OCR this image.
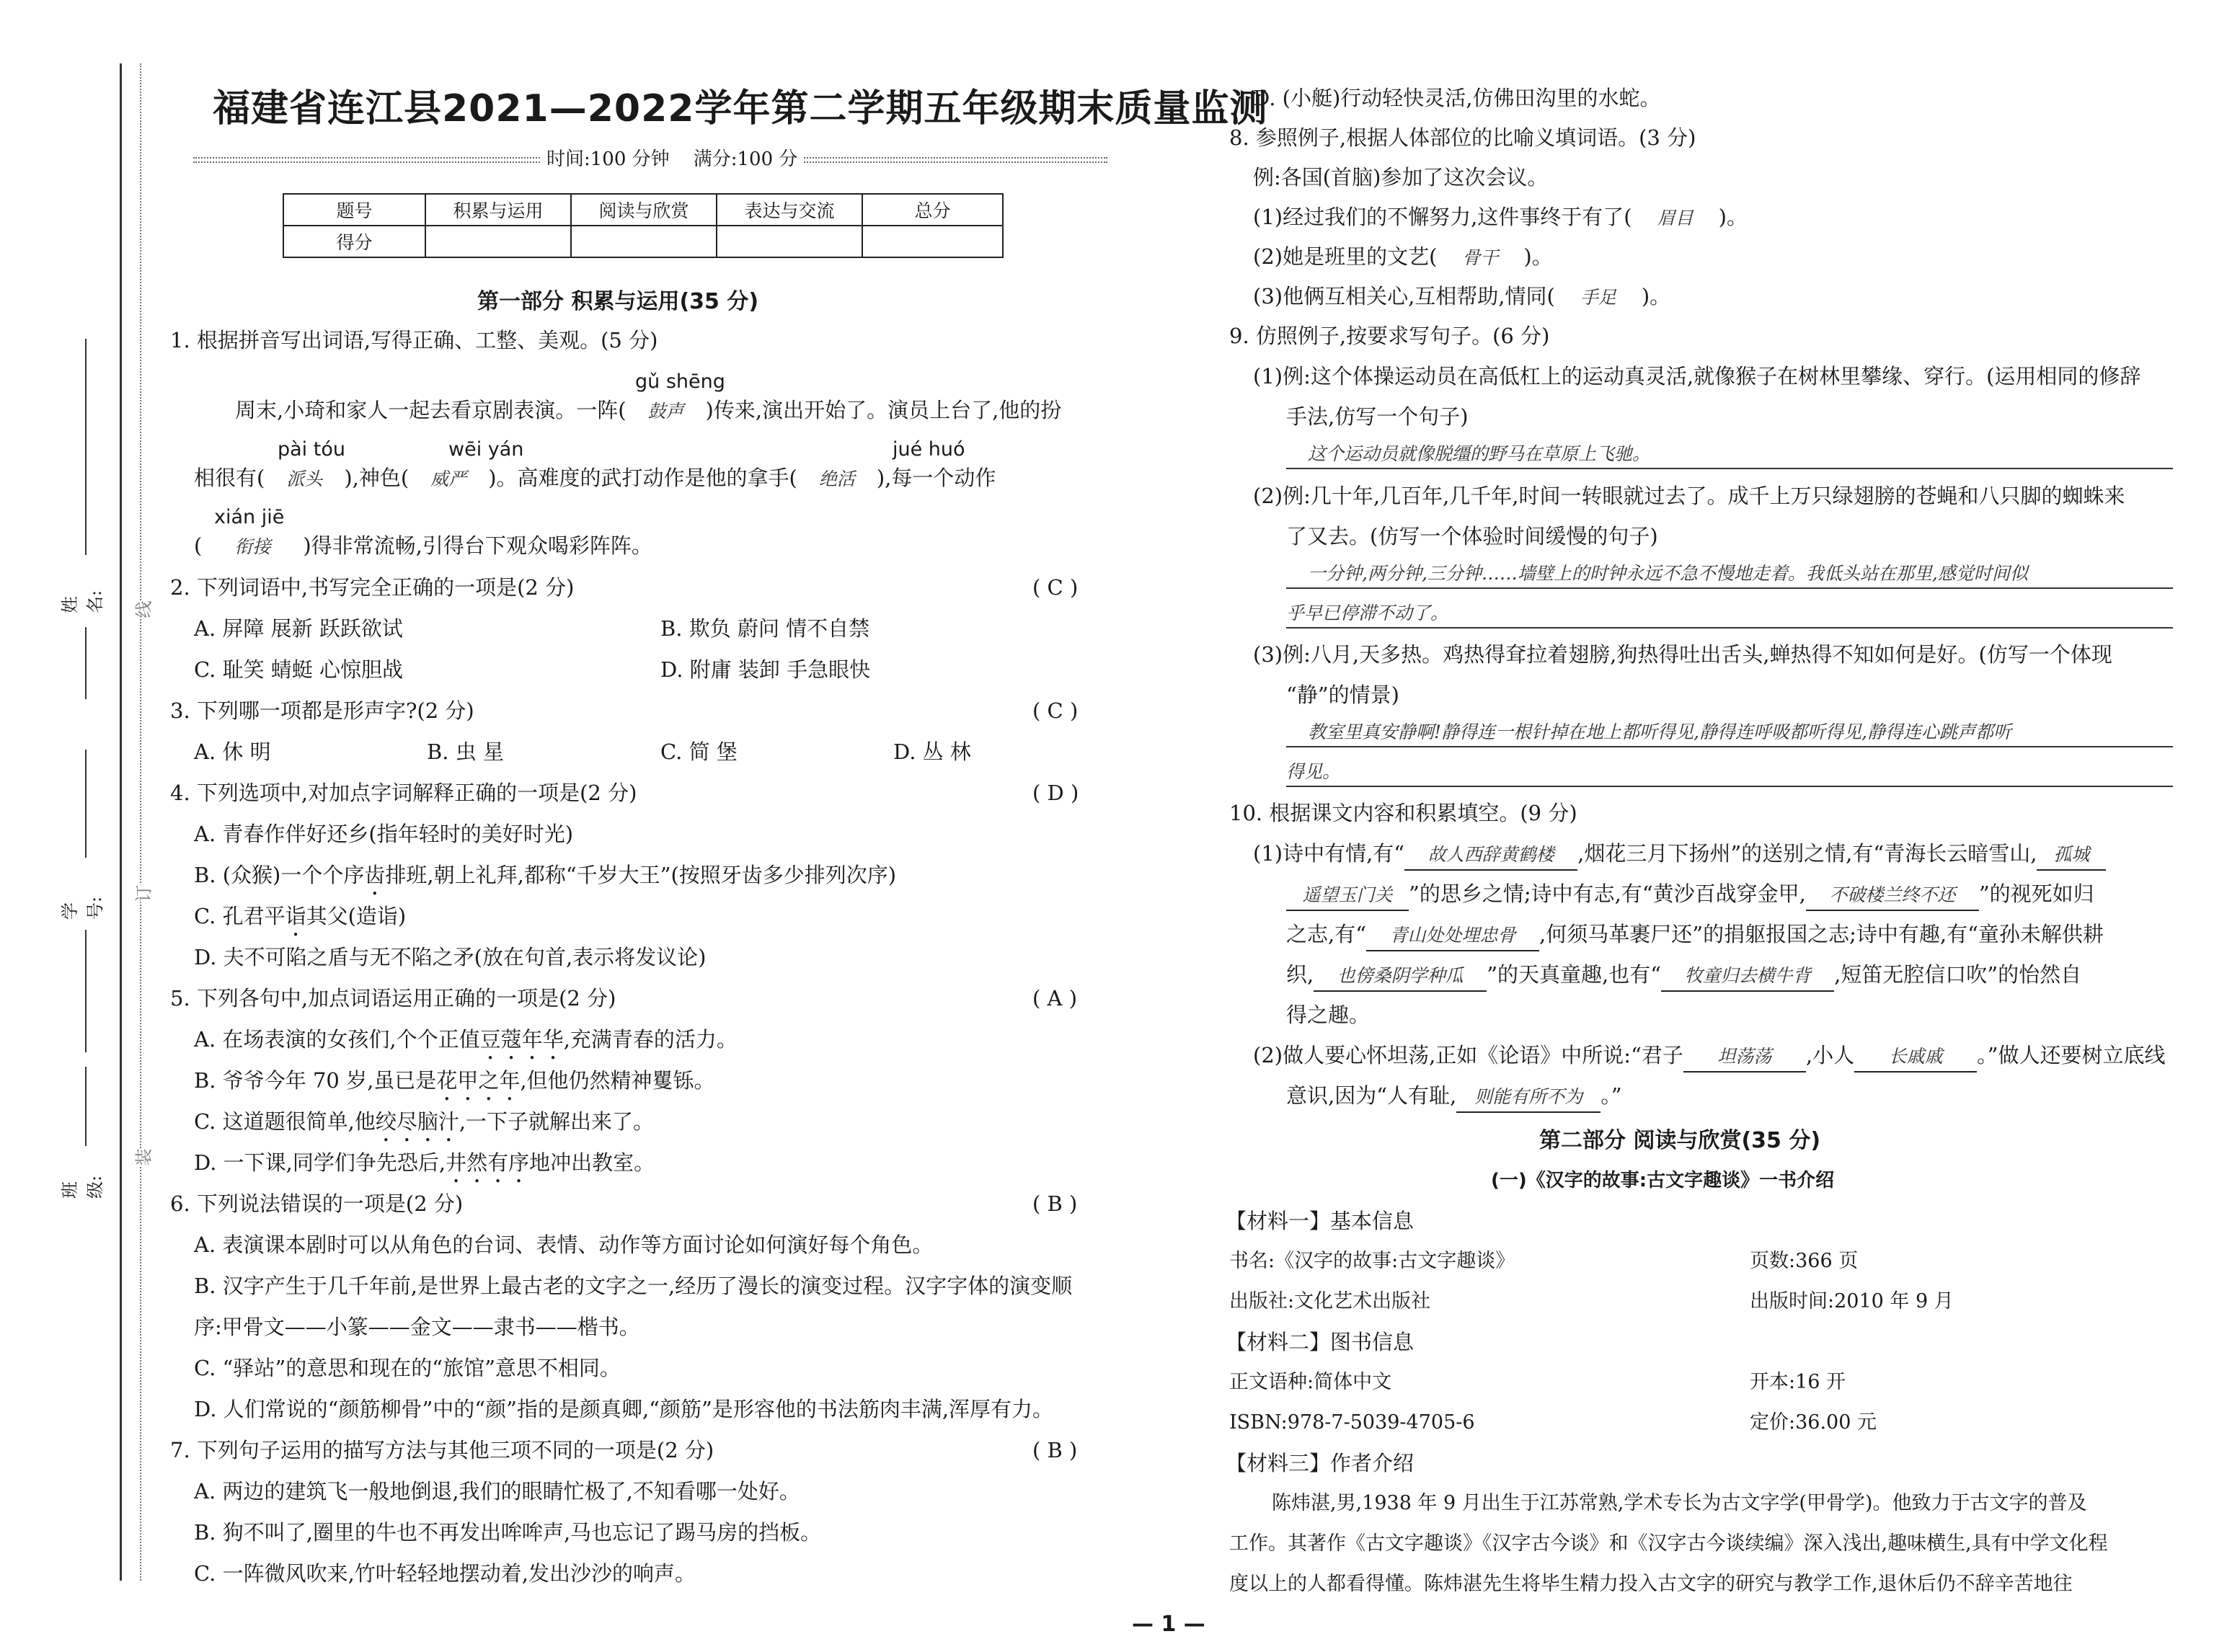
线
订
装
姓名:
学号:
班级:
福建省连江县2021—2022学年第二学期五年级期末质量监测
时间:100 分钟 满分:100 分
题号	积累与运用	阅读与欣赏	表达与交流	总分
得分				
第一部分 积累与运用(35 分)
1. 根据拼音写出词语,写得正确、工整、美观。(5 分)
gǔ shēng
周末,小琦和家人一起去看京剧表演。一阵( 鼓声 )传来,演出开始了。演员上台了,他的扮
pài tóu	wēi yán	jué huó
相很有( 派头 ),神色( 威严 )。高难度的武打动作是他的拿手( 绝活 ),每一个动作
xián jiē
( 衔接 )得非常流畅,引得台下观众喝彩阵阵。
2. 下列词语中,书写完全正确的一项是(2 分)	( C )
A. 屏障 展新 跃跃欲试	B. 欺负 蔚问 情不自禁
C. 耻笑 蜻蜓 心惊胆战	D. 附庸 装卸 手急眼快
3. 下列哪一项都是形声字?(2 分)	( C )
A. 休 明	B. 虫 星	C. 简 堡	D. 丛 林
4. 下列选项中,对加点字词解释正确的一项是(2 分)	( D )
A. 青春作伴好还乡(指年轻时的美好时光)
B. (众猴)一个个序齿排班,朝上礼拜,都称“千岁大王”(按照牙齿多少排列次序)
C. 孔君平诣其父(造诣)
D. 夫不可陷之盾与无不陷之矛(放在句首,表示将发议论)
5. 下列各句中,加点词语运用正确的一项是(2 分)	( A )
A. 在场表演的女孩们,个个正值豆蔻年华,充满青春的活力。
B. 爷爷今年 70 岁,虽已是花甲之年,但他仍然精神矍铄。
C. 这道题很简单,他绞尽脑汁,一下子就解出来了。
D. 一下课,同学们争先恐后,井然有序地冲出教室。
6. 下列说法错误的一项是(2 分)	( B )
A. 表演课本剧时可以从角色的台词、表情、动作等方面讨论如何演好每个角色。
B. 汉字产生于几千年前,是世界上最古老的文字之一,经历了漫长的演变过程。汉字字体的演变顺
序:甲骨文——小篆——金文——隶书——楷书。
C. “驿站”的意思和现在的“旅馆”意思不相同。
D. 人们常说的“颜筋柳骨”中的“颜”指的是颜真卿,“颜筋”是形容他的书法筋肉丰满,浑厚有力。
7. 下列句子运用的描写方法与其他三项不同的一项是(2 分)	( B )
A. 两边的建筑飞一般地倒退,我们的眼睛忙极了,不知看哪一处好。
B. 狗不叫了,圈里的牛也不再发出哞哞声,马也忘记了踢马房的挡板。
C. 一阵微风吹来,竹叶轻轻地摆动着,发出沙沙的响声。
D. (小艇)行动轻快灵活,仿佛田沟里的水蛇。
8. 参照例子,根据人体部位的比喻义填词语。(3 分)
例:各国(首脑)参加了这次会议。
(1)经过我们的不懈努力,这件事终于有了( 眉目 )。
(2)她是班里的文艺( 骨干 )。
(3)他俩互相关心,互相帮助,情同( 手足 )。
9. 仿照例子,按要求写句子。(6 分)
(1)例:这个体操运动员在高低杠上的运动真灵活,就像猴子在树林里攀缘、穿行。(运用相同的修辞
手法,仿写一个句子)
这个运动员就像脱缰的野马在草原上飞驰。
(2)例:几十年,几百年,几千年,时间一转眼就过去了。成千上万只绿翅膀的苍蝇和八只脚的蜘蛛来
了又去。(仿写一个体验时间缓慢的句子)
一分钟,两分钟,三分钟……墙壁上的时钟永远不急不慢地走着。我低头站在那里,感觉时间似
乎早已停滞不动了。
(3)例:八月,天多热。鸡热得耷拉着翅膀,狗热得吐出舌头,蝉热得不知如何是好。(仿写一个体现
“静”的情景)
教室里真安静啊!静得连一根针掉在地上都听得见,静得连呼吸都听得见,静得连心跳声都听
得见。
10. 根据课文内容和积累填空。(9 分)
(1)诗中有情,有“ 故人西辞黄鹤楼 ,烟花三月下扬州”的送别之情,有“青海长云暗雪山, 孤城
遥望玉门关 ”的思乡之情;诗中有志,有“黄沙百战穿金甲, 不破楼兰终不还 ”的视死如归
之志,有“ 青山处处埋忠骨 ,何须马革裹尸还”的捐躯报国之志;诗中有趣,有“童孙未解供耕
织, 也傍桑阴学种瓜 ”的天真童趣,也有“ 牧童归去横牛背 ,短笛无腔信口吹”的怡然自
得之趣。
(2)做人要心怀坦荡,正如《论语》中所说:“君子 坦荡荡 ,小人 长戚戚 。”做人还要树立底线
意识,因为“人有耻, 则能有所不为 。”
第二部分 阅读与欣赏(35 分)
(一)《汉字的故事:古文字趣谈》一书介绍
【材料一】基本信息
书名:《汉字的故事:古文字趣谈》	页数:366 页
出版社:文化艺术出版社	出版时间:2010 年 9 月
【材料二】图书信息
正文语种:简体中文	开本:16 开
ISBN:978-7-5039-4705-6	定价:36.00 元
【材料三】作者介绍
陈炜湛,男,1938 年 9 月出生于江苏常熟,学术专长为古文字学(甲骨学)。他致力于古文字的普及
工作。其著作《古文字趣谈》《汉字古今谈》和《汉字古今谈续编》深入浅出,趣味横生,具有中学文化程
度以上的人都看得懂。陈炜湛先生将毕生精力投入古文字的研究与教学工作,退休后仍不辞辛苦地往
— 1 —
